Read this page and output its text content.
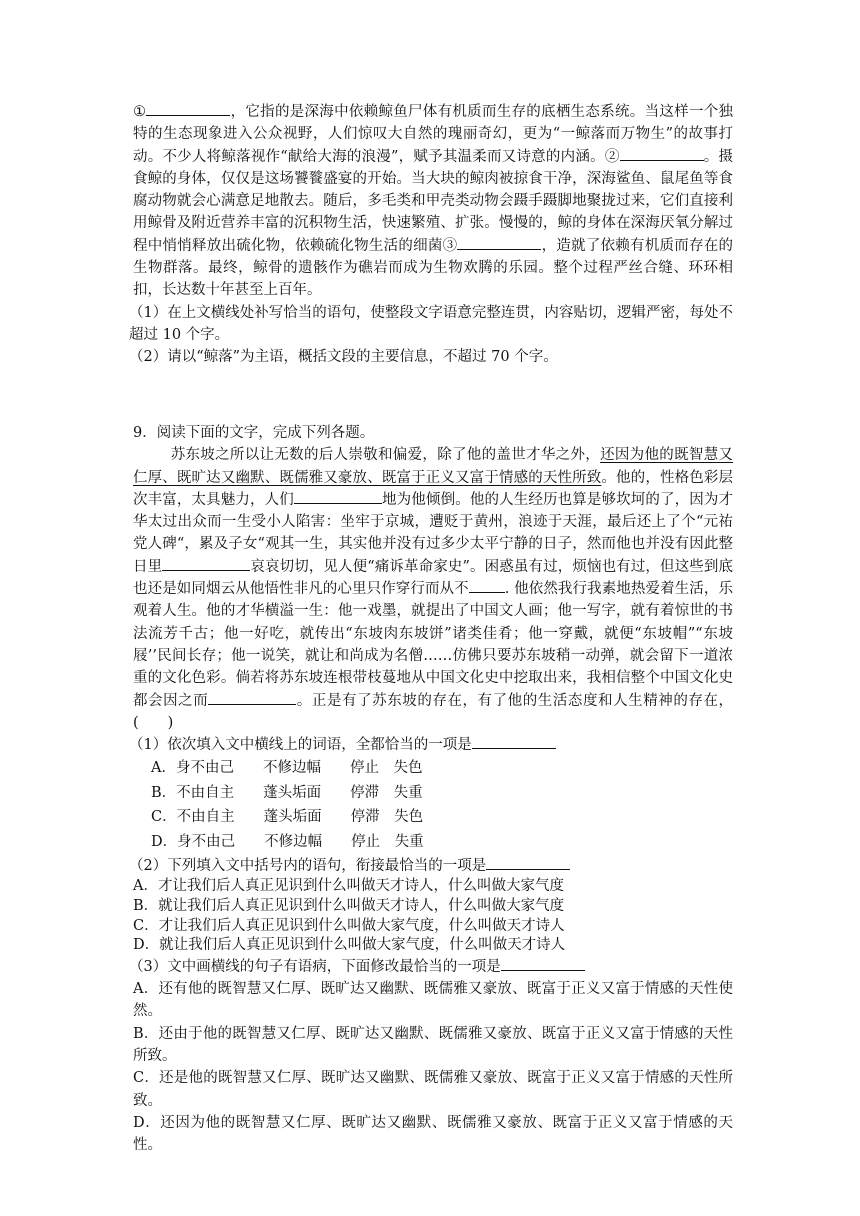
①	，它指的是深海中依赖鲸鱼尸体有机质而生存的底栖生态系统。当这样一个独特的生态现象进入公众视野，人们惊叹大自然的瑰丽奇幻，更为“一鲸落而万物生”的故事打动。不少人将鲸落视作“献给大海的浪漫”，赋予其温柔而又诗意的内涵。②	。摄食鲸的身体，仅仅是这场饕餮盛宴的开始。当大块的鲸肉被掠食干净，深海鲨鱼、鼠尾鱼等食腐动物就会心满意足地散去。随后，多毛类和甲壳类动物会蹑手蹑脚地聚拢过来，它们直接利用鲸骨及附近营养丰富的沉积物生活，快速繁殖、扩张。慢慢的，鲸的身体在深海厌氧分解过程中悄悄释放出硫化物，依赖硫化物生活的细菌③	，造就了依赖有机质而存在的生物群落。最终，鲸骨的遗骸作为礁岩而成为生物欢腾的乐园。整个过程严丝合缝、环环相扣，长达数十年甚至上百年。

（1）在上文横线处补写恰当的语句，使整段文字语意完整连贯，内容贴切，逻辑严密，每处不超过 10 个字。

（2）请以“鲸落”为主语，概括文段的主要信息，不超过 70 个字。

9．阅读下面的文字，完成下列各题。

苏东坡之所以让无数的后人崇敬和偏爱，除了他的盖世才华之外，还因为他的既智慧又仁厚、既旷达又幽默、既儒雅又豪放、既富于正义又富于情感的天性所致。他的，性格色彩层次丰富，太具魅力，人们	地为他倾倒。他的人生经历也算是够坎坷的了，因为才华太过出众而一生受小人陷害：坐牢于京城，遭贬于黄州，浪迹于天涯，最后还上了个“元祐党人碑“，累及子女“观其一生，其实他并没有过多少太平宁静的日子，然而他也并没有因此整日里	哀哀切切，见人便“痛诉革命家史”。困惑虽有过，烦恼也有过，但这些到底也还是如同烟云从他悟性非凡的心里只作穿行而从不 . 他依然我行我素地热爱着生活，乐观着人生。他的才华横溢一生：他一戏墨，就提出了中国文人画；他一写字，就有着惊世的书 法流芳千古；他一好吃，就传出“东坡肉东坡饼”诸类佳肴；他一穿戴，就便“东坡帽”“东坡屐’’民间长存；他一说笑，就让和尚成为名僧……仿佛只要苏东坡稍一动弹，就会留下一道浓重的文化色彩。倘若将苏东坡连根带枝蔓地从中国文化史中挖取出来，我相信整个中国文化史都会因之而	。正是有了苏东坡的存在，有了他的生活态度和人生精神的存在，(　　)

（1）依次填入文中横线上的词语，全都恰当的一项是

A．身不由己　　不修边幅　　停止　失色

B．不由自主　　蓬头垢面　　停滞　失重

C．不由自主　　蓬头垢面　　停滞　失色

D．身不由己　　不修边幅　　停止　失重

（2）下列填入文中括号内的语句，衔接最恰当的一项是

A．才让我们后人真正见识到什么叫做天才诗人，什么叫做大家气度

B．就让我们后人真正见识到什么叫做天才诗人，什么叫做大家气度

C．才让我们后人真正见识到什么叫做大家气度，什么叫做天才诗人

D．就让我们后人真正见识到什么叫做大家气度，什么叫做天才诗人

（3）文中画横线的句子有语病，下面修改最恰当的一项是

A．还有他的既智慧又仁厚、既旷达又幽默、既儒雅又豪放、既富于正义又富于情感的天性使然。

B．还由于他的既智慧又仁厚、既旷达又幽默、既儒雅又豪放、既富于正义又富于情感的天性所致。

C．还是他的既智慧又仁厚、既旷达又幽默、既儒雅又豪放、既富于正义又富于情感的天性所致。

D．还因为他的既智慧又仁厚、既旷达又幽默、既儒雅又豪放、既富于正义又富于情感的天性。
